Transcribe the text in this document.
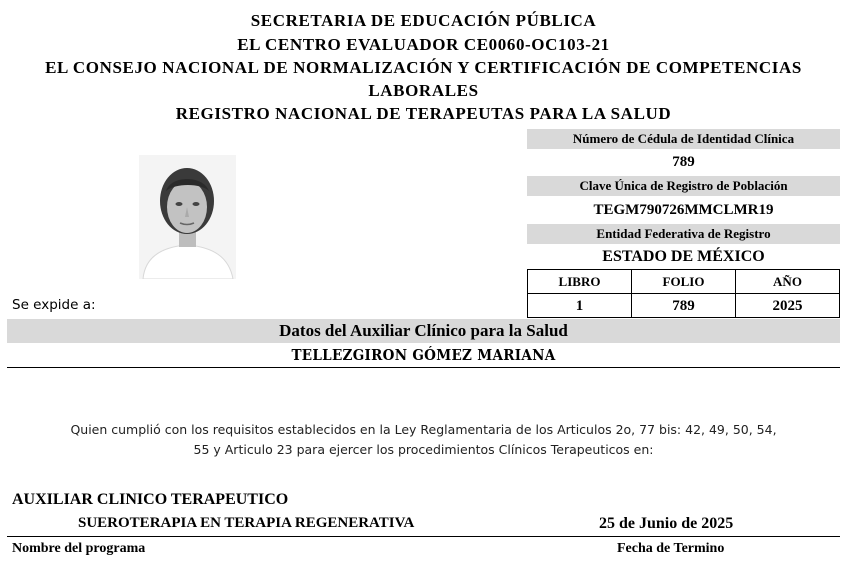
SECRETARIA DE EDUCACIÓN PÚBLICA
EL CENTRO EVALUADOR CE0060-OC103-21
EL CONSEJO NACIONAL DE NORMALIZACIÓN Y CERTIFICACIÓN DE COMPETENCIAS
LABORALES
REGISTRO NACIONAL DE TERAPEUTAS PARA LA SALUD
Número de Cédula de Identidad Clínica
789
Clave Única de Registro de Población
TEGM790726MMCLMR19
Entidad Federativa de Registro
ESTADO DE MÉXICO
LIBRO	FOLIO	AÑO
1	789	2025
Se expide a:
Datos del Auxiliar Clínico para la Salud
TELLEZGIRON GÓMEZ MARIANA
Quien cumplió con los requisitos establecidos en la Ley Reglamentaria de los Articulos 2o, 77 bis: 42, 49, 50, 54,
55 y Articulo 23 para ejercer los procedimientos Clínicos Terapeuticos en:
AUXILIAR CLINICO TERAPEUTICO
SUEROTERAPIA EN TERAPIA REGENERATIVA	25 de Junio de 2025
Nombre del programa	Fecha de Termino
